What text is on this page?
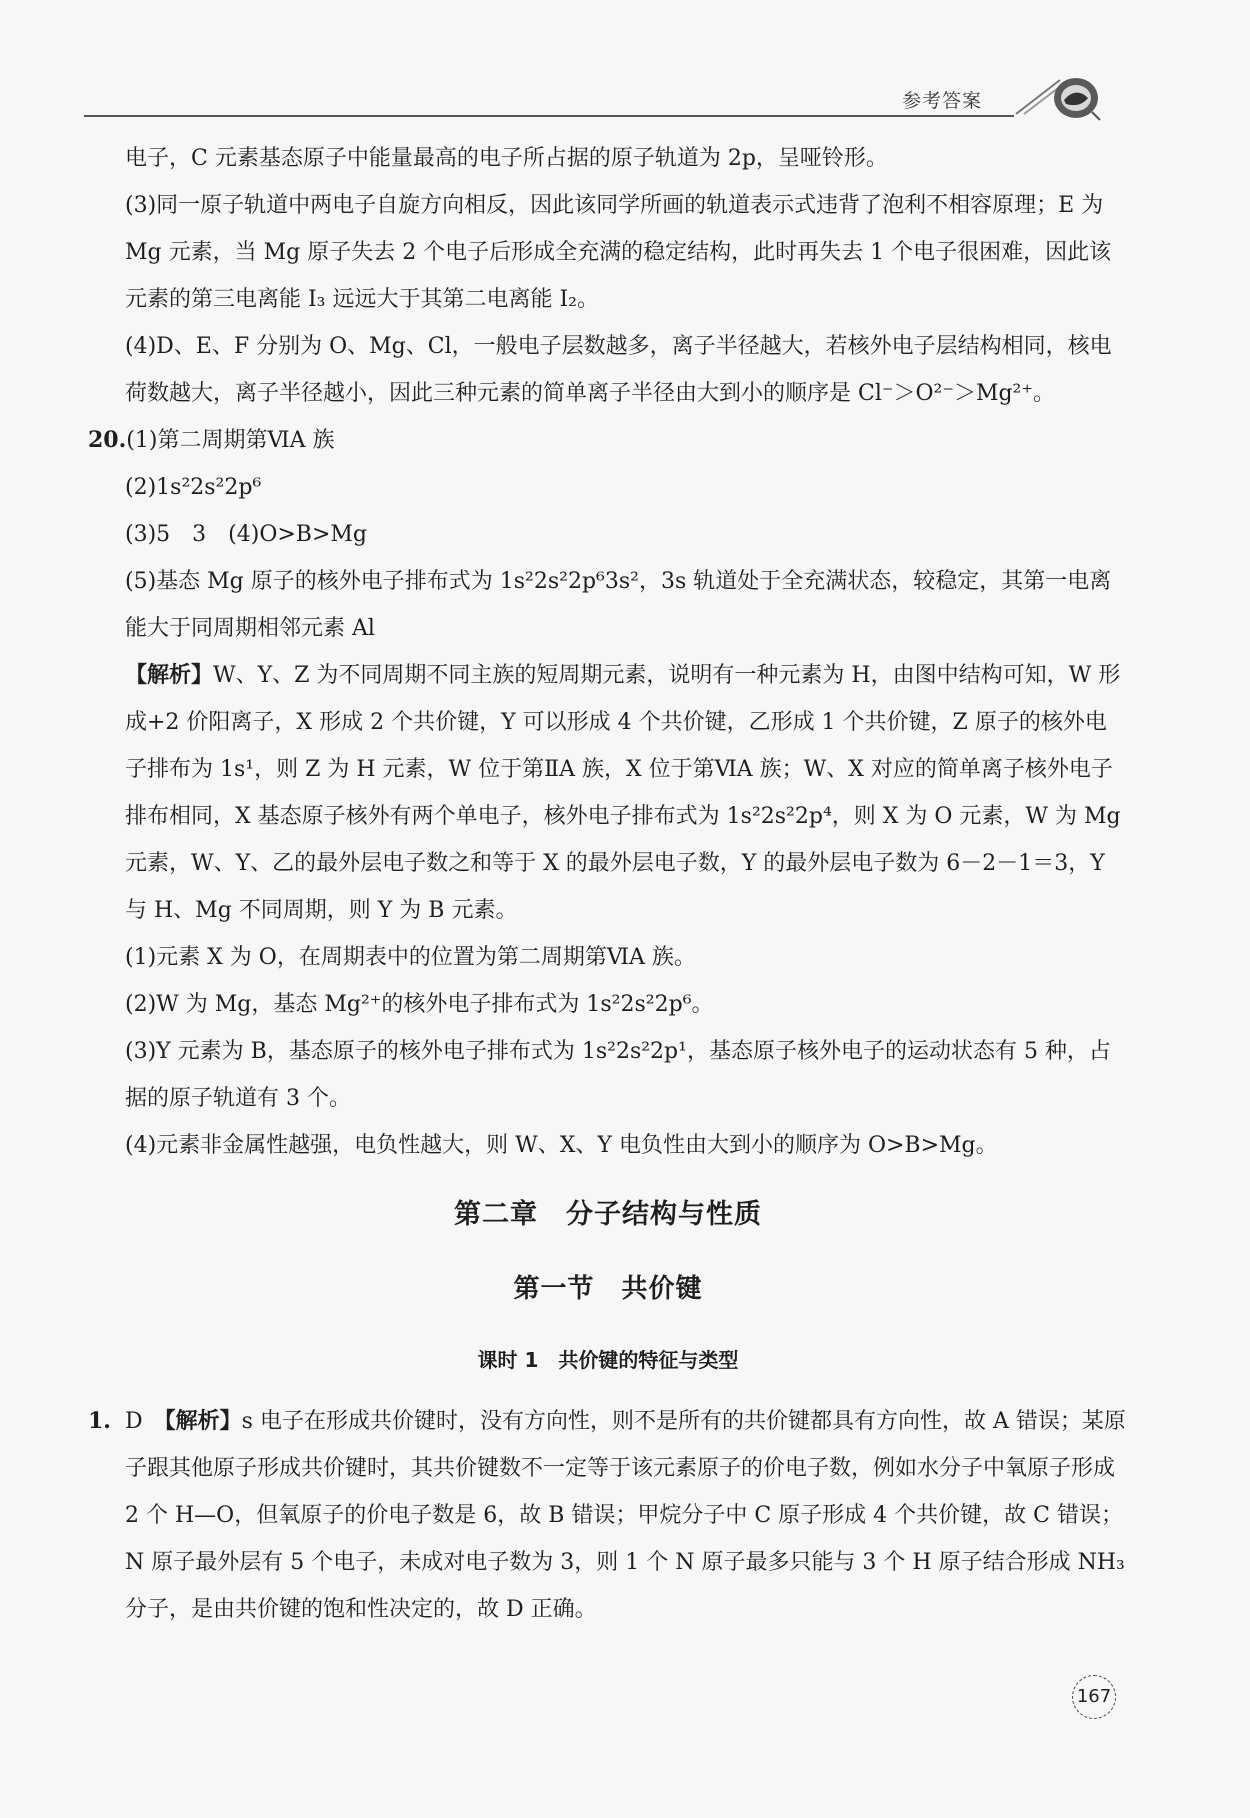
参考答案

电子，C 元素基态原子中能量最高的电子所占据的原子轨道为 2p，呈哑铃形。

(3)同一原子轨道中两电子自旋方向相反，因此该同学所画的轨道表示式违背了泡利不相容原理；E 为 Mg 元素，当 Mg 原子失去 2 个电子后形成全充满的稳定结构，此时再失去 1 个电子很困难，因此该元素的第三电离能 I₃ 远远大于其第二电离能 I₂。

(4)D、E、F 分别为 O、Mg、Cl，一般电子层数越多，离子半径越大，若核外电子层结构相同，核电荷数越大，离子半径越小，因此三种元素的简单离子半径由大到小的顺序是 Cl⁻＞O²⁻＞Mg²⁺。

20.(1)第二周期第ⅥA 族

(2)1s²2s²2p⁶

(3)5　3　(4)O>B>Mg

(5)基态 Mg 原子的核外电子排布式为 1s²2s²2p⁶3s²，3s 轨道处于全充满状态，较稳定，其第一电离能大于同周期相邻元素 Al

【解析】W、Y、Z 为不同周期不同主族的短周期元素，说明有一种元素为 H，由图中结构可知，W 形成+2 价阳离子，X 形成 2 个共价键，Y 可以形成 4 个共价键，乙形成 1 个共价键，Z 原子的核外电子排布为 1s¹，则 Z 为 H 元素，W 位于第ⅡA 族，X 位于第ⅥA 族；W、X 对应的简单离子核外电子排布相同，X 基态原子核外有两个单电子，核外电子排布式为 1s²2s²2p⁴，则 X 为 O 元素，W 为 Mg 元素，W、Y、乙的最外层电子数之和等于 X 的最外层电子数，Y 的最外层电子数为 6－2－1＝3，Y 与 H、Mg 不同周期，则 Y 为 B 元素。

(1)元素 X 为 O，在周期表中的位置为第二周期第ⅥA 族。

(2)W 为 Mg，基态 Mg²⁺的核外电子排布式为 1s²2s²2p⁶。

(3)Y 元素为 B，基态原子的核外电子排布式为 1s²2s²2p¹，基态原子核外电子的运动状态有 5 种，占据的原子轨道有 3 个。

(4)元素非金属性越强，电负性越大，则 W、X、Y 电负性由大到小的顺序为 O>B>Mg。

第二章　分子结构与性质
第一节　共价键
课时 1　共价键的特征与类型

1. D　 【解析】s 电子在形成共价键时，没有方向性，则不是所有的共价键都具有方向性，故 A 错误；某原子跟其他原子形成共价键时，其共价键数不一定等于该元素原子的价电子数，例如水分子中氧原子形成 2 个 H—O，但氧原子的价电子数是 6，故 B 错误；甲烷分子中 C 原子形成 4 个共价键，故 C 错误；N 原子最外层有 5 个电子，未成对电子数为 3，则 1 个 N 原子最多只能与 3 个 H 原子结合形成 NH₃ 分子，是由共价键的饱和性决定的，故 D 正确。

167
